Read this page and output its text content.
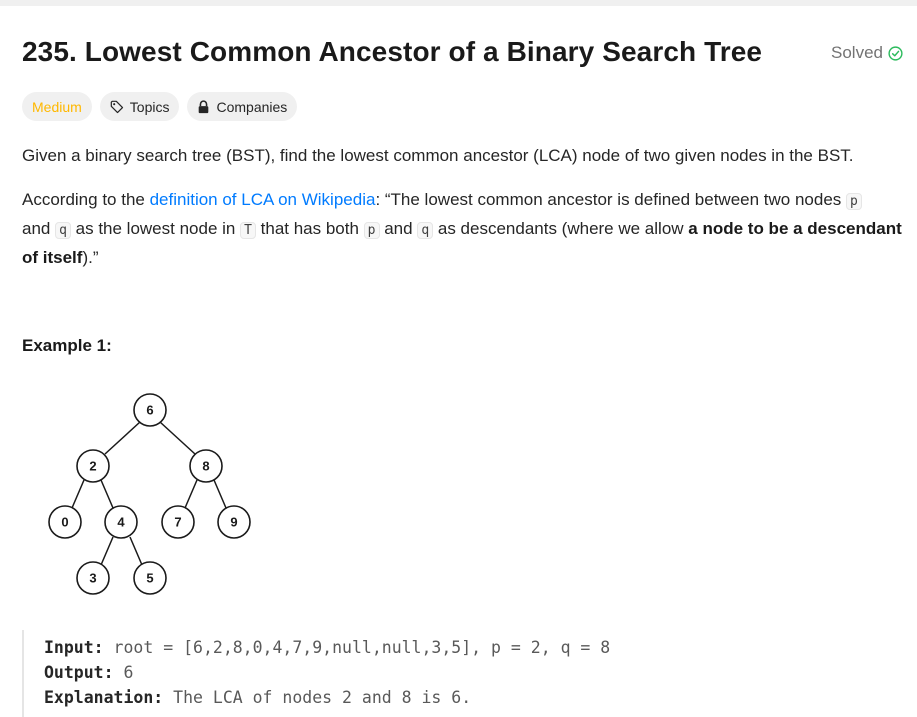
235. Lowest Common Ancestor of a Binary Search Tree	Solved
Medium	Topics	Companies

Given a binary search tree (BST), find the lowest common ancestor (LCA) node of two given nodes in the BST.

According to the definition of LCA on Wikipedia: “The lowest common ancestor is defined between two nodes p
and q as the lowest node in T that has both p and q as descendants (where we allow a node to be a descendant of itself).”

Example 1:

6
2	8
0	4	7	9
3	5
Input: root = [6,2,8,0,4,7,9,null,null,3,5], p = 2, q = 8
Output: 6
Explanation: The LCA of nodes 2 and 8 is 6.
